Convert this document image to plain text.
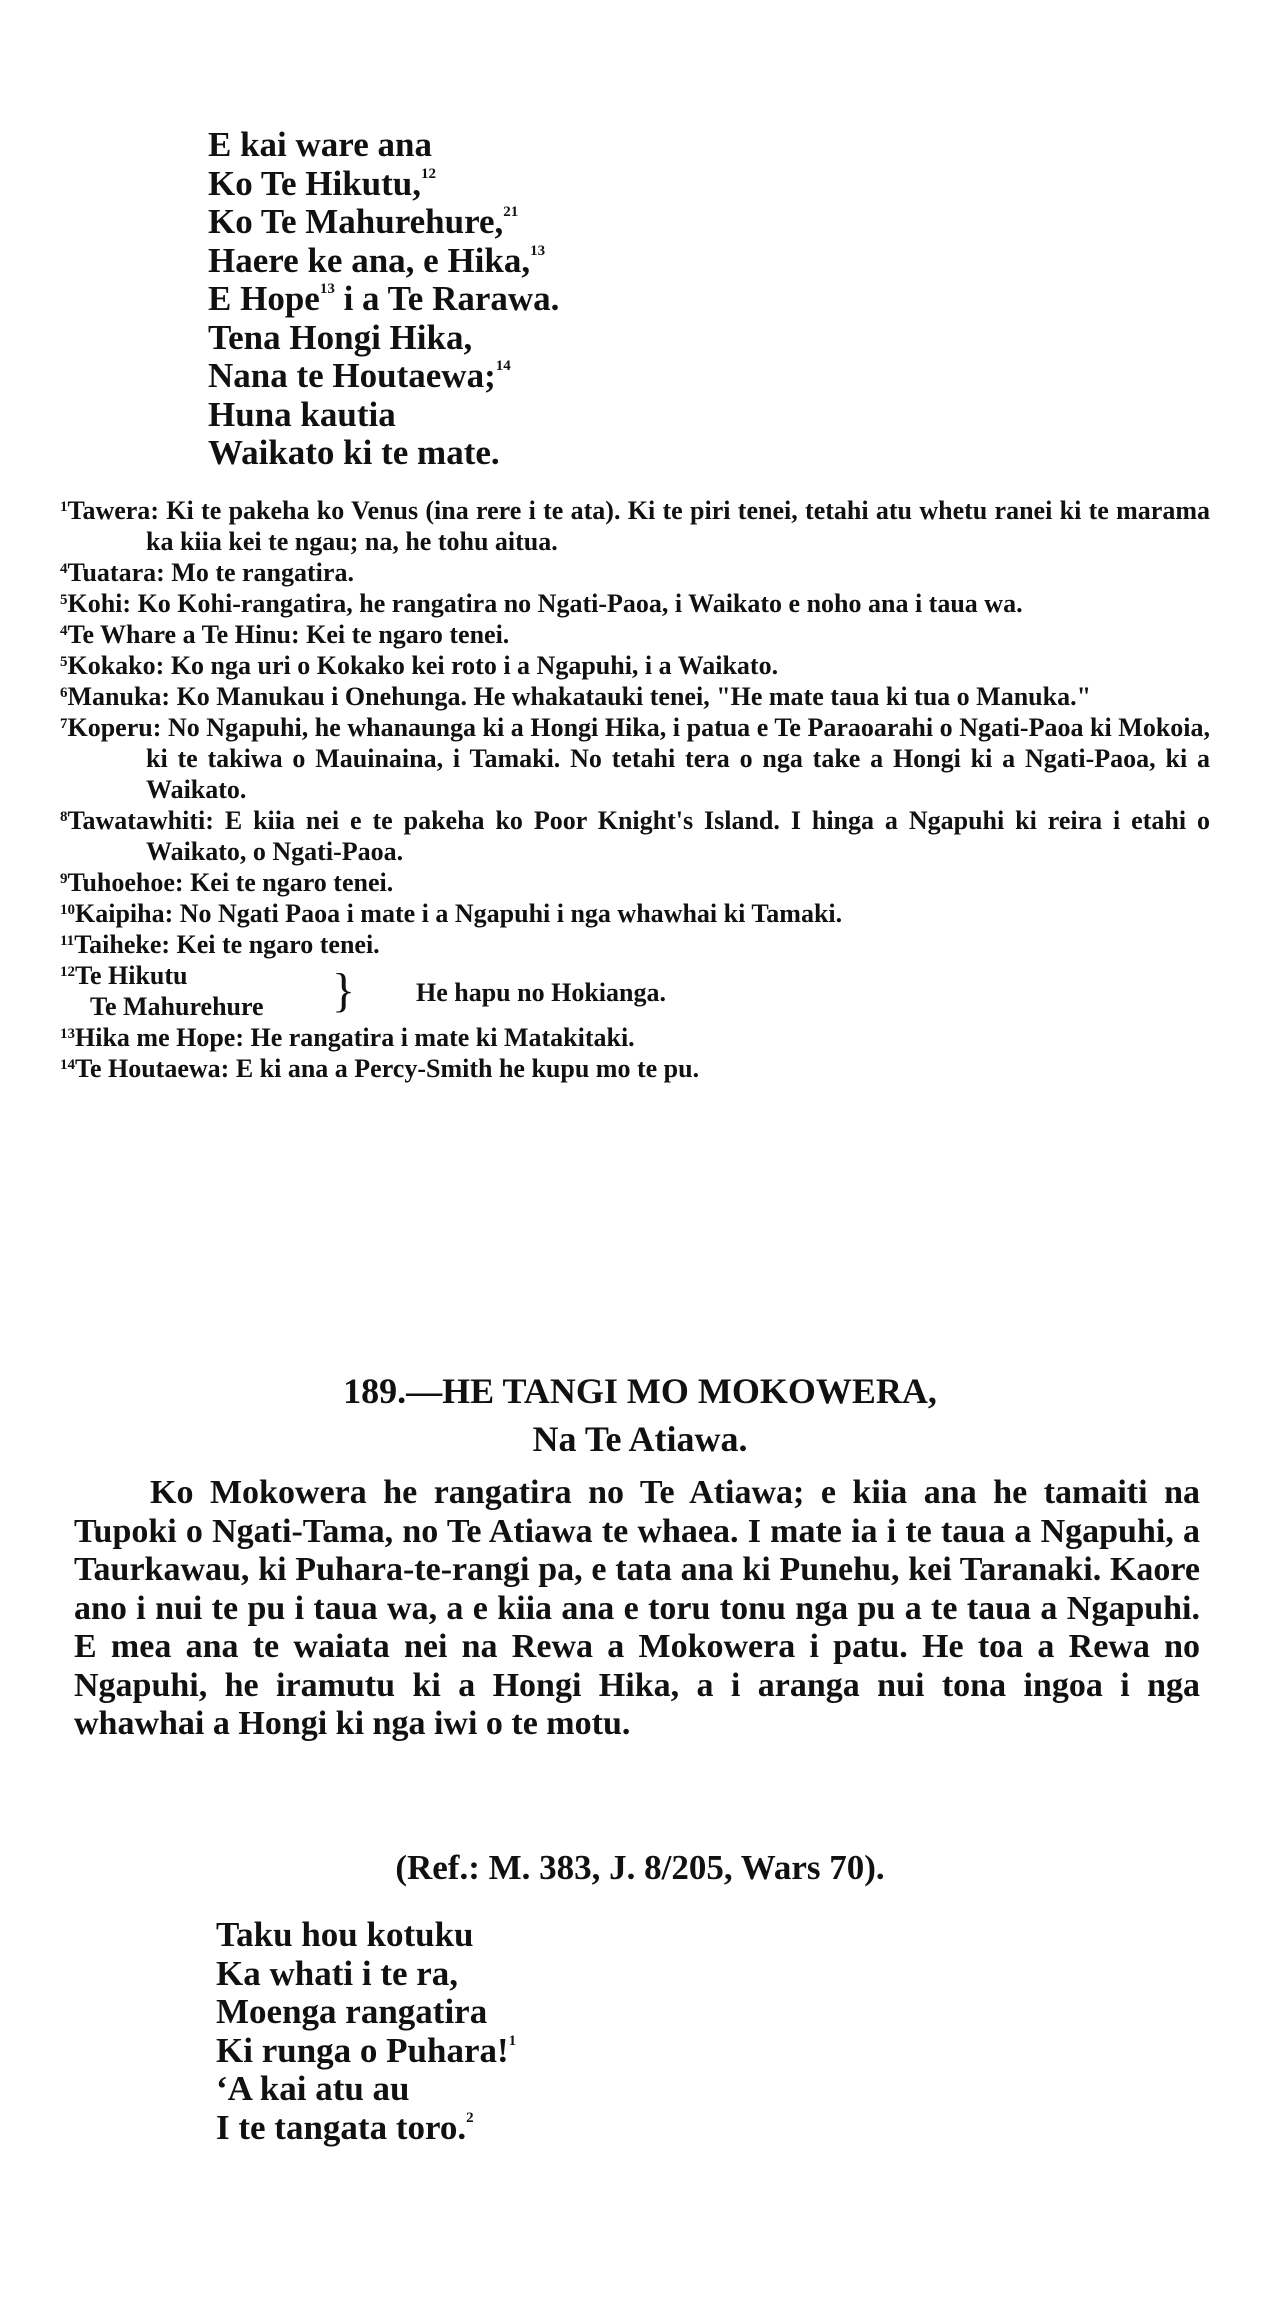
E kai ware ana
Ko Te Hikutu,$^{12}$
Ko Te Mahurehure,$^{21}$
Haere ke ana, e Hika,$^{13}$
E Hope$^{13}$ i a Te Rarawa.
Tena Hongi Hika,
Nana te Houtaewa;$^{14}$
Huna kautia
Waikato ki te mate.
$^1$Tawera: Ki te pakeha ko Venus (ina rere i te ata). Ki te piri tenei, tetahi atu whetu ranei ki te marama ka kiia kei te ngau; na, he tohu aitua.
$^4$Tuatara: Mo te rangatira.
$^5$Kohi: Ko Kohi-rangatira, he rangatira no Ngati-Paoa, i Waikato e noho ana i taua wa.
$^4$Te Whare a Te Hinu: Kei te ngaro tenei.
$^5$Kokako: Ko nga uri o Kokako kei roto i a Ngapuhi, i a Waikato.
$^6$Manuka: Ko Manukau i Onehunga. He whakatauki tenei, "He mate taua ki tua o Manuka."
$^7$Koperu: No Ngapuhi, he whanaunga ki a Hongi Hika, i patua e Te Paraoarahi o Ngati-Paoa ki Mokoia, ki te takiwa o Mauinaina, i Tamaki. No tetahi tera o nga take a Hongi ki a Ngati-Paoa, ki a Waikato.
$^8$Tawatawhiti: E kiia nei e te pakeha ko Poor Knight's Island. I hinga a Ngapuhi ki reira i etahi o Waikato, o Ngati-Paoa.
$^9$Tuhoehoe: Kei te ngaro tenei.
$^{10}$Kaipiha: No Ngati Paoa i mate i a Ngapuhi i nga whawhai ki Tamaki.
$^{11}$Taiheke: Kei te ngaro tenei.
$^{12}$Te Hikutu
Te Mahurehure } He hapu no Hokianga.
$^{13}$Hika me Hope: He rangatira i mate ki Matakitaki.
$^{14}$Te Houtaewa: E ki ana a Percy-Smith he kupu mo te pu.
189.—HE TANGI MO MOKOWERA,
Na Te Atiawa.
Ko Mokowera he rangatira no Te Atiawa; e kiia ana he tamaiti na Tupoki o Ngati-Tama, no Te Atiawa te whaea. I mate ia i te taua a Ngapuhi, a Taurkawau, ki Puhara-te-rangi pa, e tata ana ki Punehu, kei Taranaki. Kaore ano i nui te pu i taua wa, a e kiia ana e toru tonu nga pu a te taua a Ngapuhi. E mea ana te waiata nei na Rewa a Mokowera i patu. He toa a Rewa no Ngapuhi, he iramutu ki a Hongi Hika, a i aranga nui tona ingoa i nga whawhai a Hongi ki nga iwi o te motu.
(Ref.: M. 383, J. 8/205, Wars 70).
Taku hou kotuku
Ka whati i te ra,
Moenga rangatira
Ki runga o Puhara!$^1$
‘A kai atu au
I te tangata toro.$^2$
